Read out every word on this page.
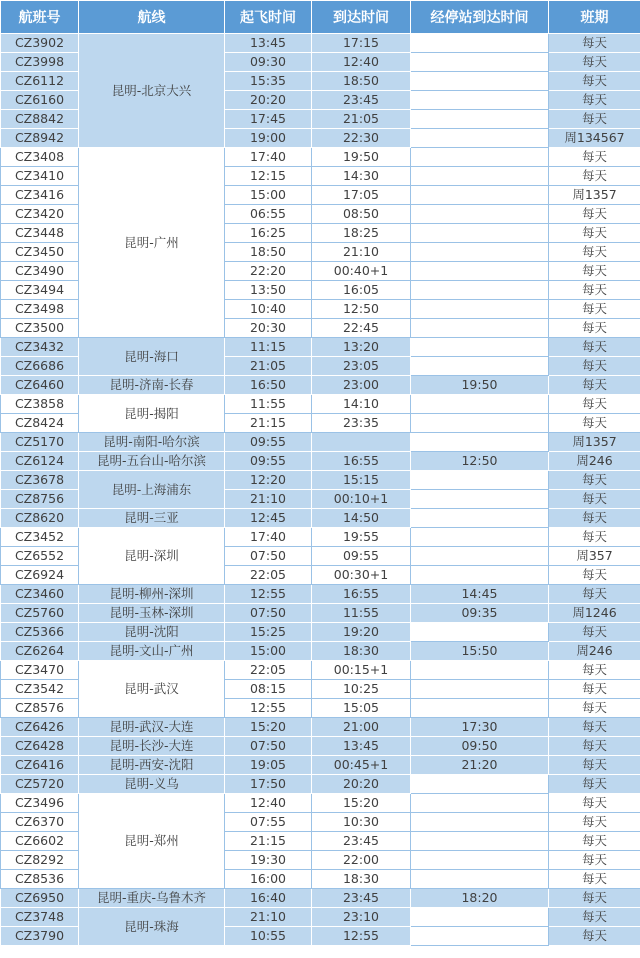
航班号	航线	起飞时间	到达时间	经停站到达时间	班期
CZ3902	昆明-北京大兴	13:45	17:15		每天
CZ3998		09:30	12:40		每天
CZ6112		15:35	18:50		每天
CZ6160		20:20	23:45		每天
CZ8842		17:45	21:05		每天
CZ8942		19:00	22:30		周134567
CZ3408	昆明-广州	17:40	19:50		每天
CZ3410		12:15	14:30		每天
CZ3416		15:00	17:05		周1357
CZ3420		06:55	08:50		每天
CZ3448		16:25	18:25		每天
CZ3450		18:50	21:10		每天
CZ3490		22:20	00:40+1		每天
CZ3494		13:50	16:05		每天
CZ3498		10:40	12:50		每天
CZ3500		20:30	22:45		每天
CZ3432	昆明-海口	11:15	13:20		每天
CZ6686		21:05	23:05		每天
CZ6460	昆明-济南-长春	16:50	23:00	19:50	每天
CZ3858	昆明-揭阳	11:55	14:10		每天
CZ8424		21:15	23:35		每天
CZ5170	昆明-南阳-哈尔滨	09:55			周1357
CZ6124	昆明-五台山-哈尔滨	09:55	16:55	12:50	周246
CZ3678	昆明-上海浦东	12:20	15:15		每天
CZ8756		21:10	00:10+1		每天
CZ8620	昆明-三亚	12:45	14:50		每天
CZ3452	昆明-深圳	17:40	19:55		每天
CZ6552		07:50	09:55		周357
CZ6924		22:05	00:30+1		每天
CZ3460	昆明-柳州-深圳	12:55	16:55	14:45	每天
CZ5760	昆明-玉林-深圳	07:50	11:55	09:35	周1246
CZ5366	昆明-沈阳	15:25	19:20		每天
CZ6264	昆明-文山-广州	15:00	18:30	15:50	周246
CZ3470	昆明-武汉	22:05	00:15+1		每天
CZ3542		08:15	10:25		每天
CZ8576		12:55	15:05		每天
CZ6426	昆明-武汉-大连	15:20	21:00	17:30	每天
CZ6428	昆明-长沙-大连	07:50	13:45	09:50	每天
CZ6416	昆明-西安-沈阳	19:05	00:45+1	21:20	每天
CZ5720	昆明-义乌	17:50	20:20		每天
CZ3496	昆明-郑州	12:40	15:20		每天
CZ6370		07:55	10:30		每天
CZ6602		21:15	23:45		每天
CZ8292		19:30	22:00		每天
CZ8536		16:00	18:30		每天
CZ6950	昆明-重庆-乌鲁木齐	16:40	23:45	18:20	每天
CZ3748	昆明-珠海	21:10	23:10		每天
CZ3790		10:55	12:55		每天
